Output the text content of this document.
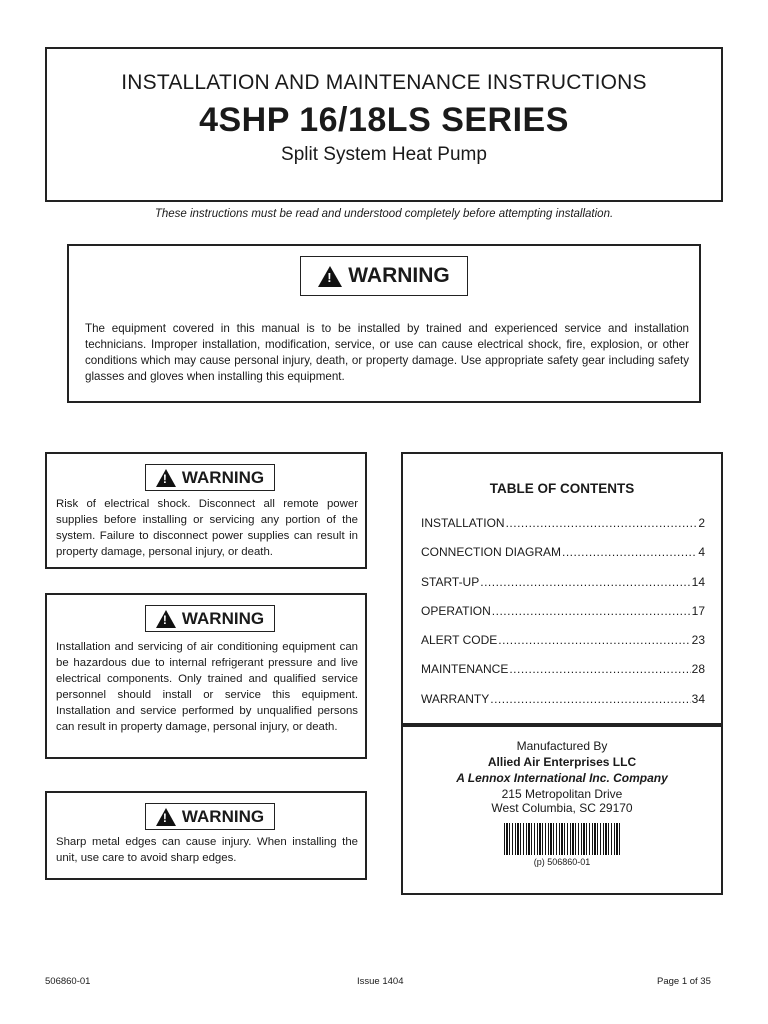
INSTALLATION AND MAINTENANCE INSTRUCTIONS
4SHP 16/18LS SERIES
Split System Heat Pump
These instructions must be read and understood completely before attempting installation.
!
WARNING
The equipment covered in this manual is to be installed by trained and experienced service and installation technicians. Improper installation, modification, service, or use can cause electrical shock, fire, explosion, or other conditions which may cause personal injury, death, or property damage. Use appropriate safety gear including safety glasses and gloves when installing this equipment.
!
WARNING
Risk of electrical shock. Disconnect all remote power supplies before installing or servicing any portion of the system. Failure to disconnect power supplies can result in property damage, personal injury, or death.
!
WARNING
Installation and servicing of air conditioning equipment can be hazardous due to internal refrigerant pressure and live electrical components. Only trained and qualified service personnel should install or service this equipment. Installation and service performed by unqualified persons can result in property damage, personal injury, or death.
!
WARNING
Sharp metal edges can cause injury. When installing the unit, use care to avoid sharp edges.
TABLE OF CONTENTS
INSTALLATION .....	2
CONNECTION DIAGRAM .....	4
START-UP .....	14
OPERATION .....	17
ALERT CODE .....	23
MAINTENANCE .....	28
WARRANTY .....	34
Manufactured By
Allied Air Enterprises LLC
A Lennox International Inc. Company
215 Metropolitan Drive
West Columbia, SC 29170
(p) 506860-01
506860-01	Issue 1404	Page 1 of 35
